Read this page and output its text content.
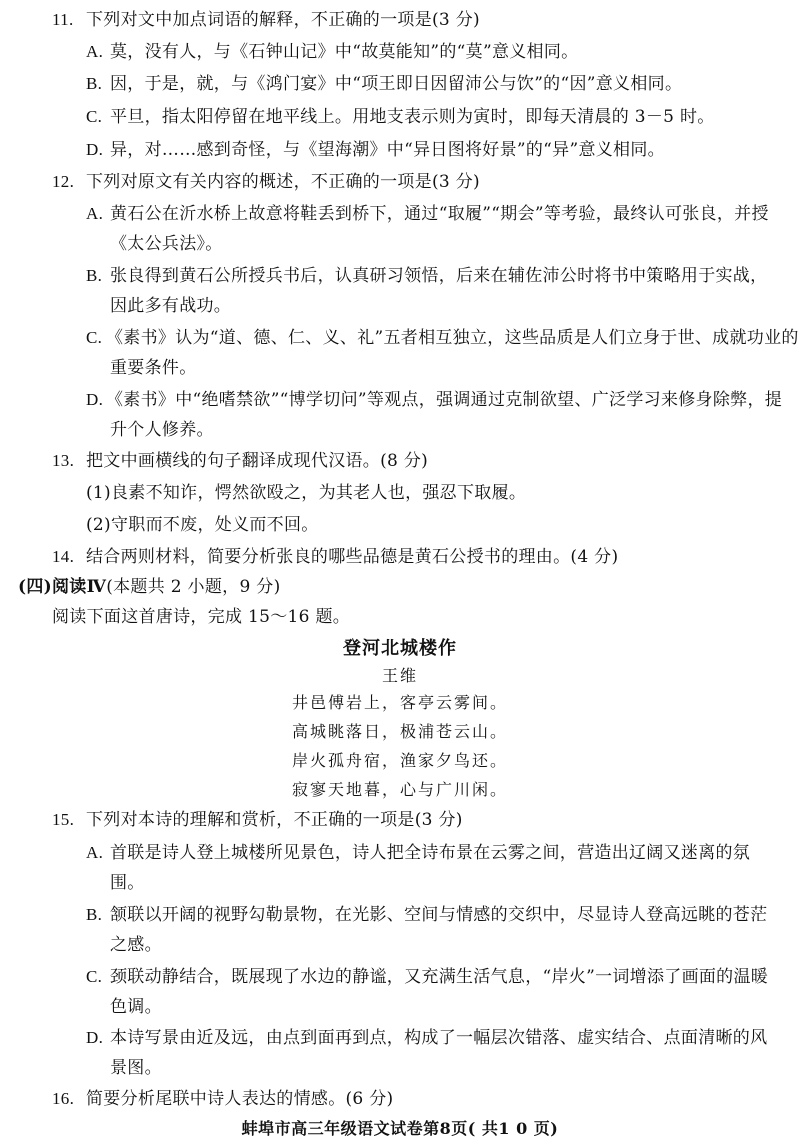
11. 下列对文中加点词语的解释，不正确的一项是(3 分)
A. 莫，没有人，与《石钟山记》中“故莫能知”的“莫”意义相同。
B. 因，于是，就，与《鸿门宴》中“项王即日因留沛公与饮”的“因”意义相同。
C. 平旦，指太阳停留在地平线上。用地支表示则为寅时，即每天清晨的 3－5 时。
D. 异，对……感到奇怪，与《望海潮》中“异日图将好景”的“异”意义相同。
12. 下列对原文有关内容的概述，不正确的一项是(3 分)
A. 黄石公在沂水桥上故意将鞋丢到桥下，通过“取履”“期会”等考验，最终认可张良，并授
《太公兵法》。
B. 张良得到黄石公所授兵书后，认真研习领悟，后来在辅佐沛公时将书中策略用于实战，
因此多有战功。
C. 《素书》认为“道、德、仁、义、礼”五者相互独立，这些品质是人们立身于世、成就功业的
重要条件。
D. 《素书》中“绝嗜禁欲”“博学切问”等观点，强调通过克制欲望、广泛学习来修身除弊，提
升个人修养。
13. 把文中画横线的句子翻译成现代汉语。(8 分)
(1)良素不知诈，愕然欲殴之，为其老人也，强忍下取履。
(2)守职而不废，处义而不回。
14. 结合两则材料，简要分析张良的哪些品德是黄石公授书的理由。(4 分)
(四)阅读Ⅳ(本题共 2 小题，9 分)
阅读下面这首唐诗，完成 15～16 题。
登河北城楼作
王维
井邑傅岩上，客亭云雾间。
高城眺落日，极浦苍云山。
岸火孤舟宿，渔家夕鸟还。
寂寥天地暮，心与广川闲。
15. 下列对本诗的理解和赏析，不正确的一项是(3 分)
A. 首联是诗人登上城楼所见景色，诗人把全诗布景在云雾之间，营造出辽阔又迷离的氛
围。
B. 颔联以开阔的视野勾勒景物，在光影、空间与情感的交织中，尽显诗人登高远眺的苍茫
之感。
C. 颈联动静结合，既展现了水边的静谧，又充满生活气息，“岸火”一词增添了画面的温暖
色调。
D. 本诗写景由近及远，由点到面再到点，构成了一幅层次错落、虚实结合、点面清晰的风
景图。
16. 简要分析尾联中诗人表达的情感。(6 分)
蚌埠市高三年级语文试卷第8页( 共1 0 页)
